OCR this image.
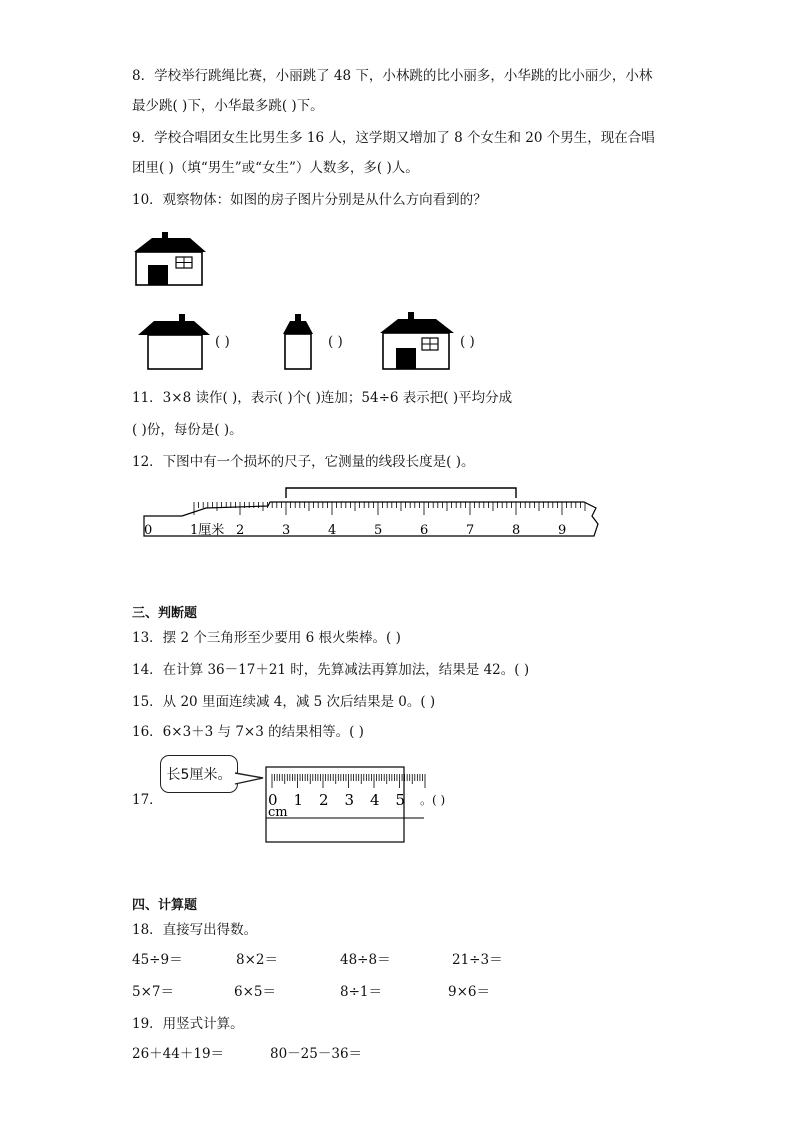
8．学校举行跳绳比赛，小丽跳了 48 下，小林跳的比小丽多，小华跳的比小丽少，小林
最少跳( )下，小华最多跳( )下。
9．学校合唱团女生比男生多 16 人，这学期又增加了 8 个女生和 20 个男生，现在合唱
团里( )（填“男生”或“女生”）人数多，多( )人。
10．观察物体：如图的房子图片分别是从什么方向看到的？
( )	( )	( )
11．3×8 读作( )，表示( )个( )连加；54÷6 表示把( )平均分成
( )份，每份是( )。
12．下图中有一个损坏的尺子，它测量的线段长度是( )。
0	1厘米 2	3	4	5	6	7	8	9
三、判断题
13．摆 2 个三角形至少要用 6 根火柴棒。( )
14．在计算 36－17＋21 时，先算减法再算加法，结果是 42。( )
15．从 20 里面连续减 4，减 5 次后结果是 0。( )
16．6×3＋3 与 7×3 的结果相等。( )
17．
长5厘米。
0 1 2 3 4 5
cm
。( )
四、计算题
18．直接写出得数。
45÷9＝	8×2＝	48÷8＝	21÷3＝
5×7＝	6×5＝	8÷1＝	9×6＝
19．用竖式计算。
26＋44＋19＝	80－25－36＝
